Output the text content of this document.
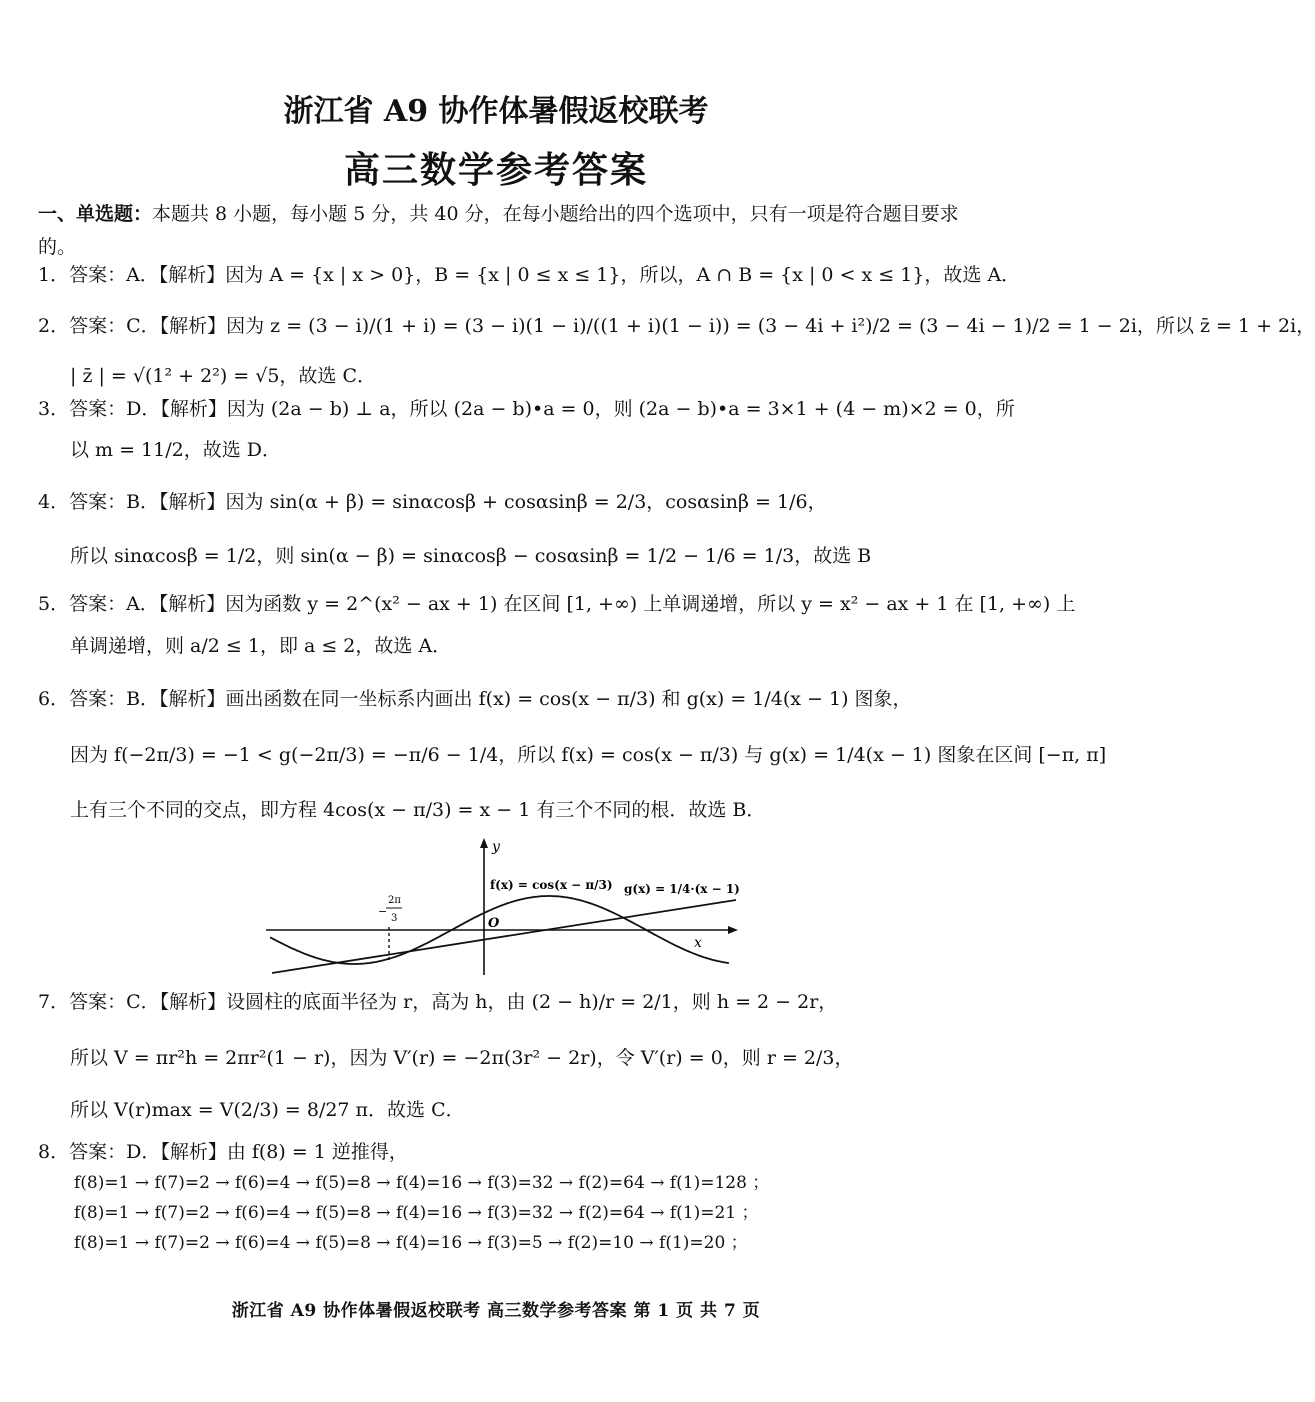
浙江省 A9 协作体暑假返校联考
高三数学参考答案
一、单选题：本题共 8 小题，每小题 5 分，共 40 分，在每小题给出的四个选项中，只有一项是符合题目要求的。
1．答案：A．【解析】因为 A = {x | x > 0}，B = {x | 0 ≤ x ≤ 1}，所以，A ∩ B = {x | 0 < x ≤ 1}，故选 A．
2．答案：C．【解析】因为 z = (3 − i)/(1 + i) = (3 − i)(1 − i)/((1 + i)(1 − i)) = (3 − 4i + i²)/2 = (3 − 4i − 1)/2 = 1 − 2i，所以 z̄ = 1 + 2i，
| z̄ | = √(1² + 2²) = √5，故选 C．
3．答案：D．【解析】因为 (2a − b) ⊥ a，所以 (2a − b)•a = 0，则 (2a − b)•a = 3×1 + (4 − m)×2 = 0，所
以 m = 11/2，故选 D．
4．答案：B．【解析】因为 sin(α + β) = sinαcosβ + cosαsinβ = 2/3，cosαsinβ = 1/6，
所以 sinαcosβ = 1/2，则 sin(α − β) = sinαcosβ − cosαsinβ = 1/2 − 1/6 = 1/3，故选 B
5．答案：A．【解析】因为函数 y = 2^(x² − ax + 1) 在区间 [1, +∞) 上单调递增，所以 y = x² − ax + 1 在 [1, +∞) 上
单调递增，则 a/2 ≤ 1，即 a ≤ 2，故选 A．
6．答案：B．【解析】画出函数在同一坐标系内画出 f(x) = cos(x − π/3) 和 g(x) = 1/4(x − 1) 图象，
因为 f(−2π/3) = −1 < g(−2π/3) = −π/6 − 1/4，所以 f(x) = cos(x − π/3) 与 g(x) = 1/4(x − 1) 图象在区间 [−π, π]
上有三个不同的交点，即方程 4cos(x − π/3) = x − 1 有三个不同的根．故选 B．
y
x
O
−
2π
3
f(x) = cos(x − π/3) g(x) = 1/4·(x − 1)
7．答案：C．【解析】设圆柱的底面半径为 r，高为 h，由 (2 − h)/r = 2/1，则 h = 2 − 2r，
所以 V = πr²h = 2πr²(1 − r)，因为 V′(r) = −2π(3r² − 2r)，令 V′(r) = 0，则 r = 2/3，
所以 V(r)max = V(2/3) = 8/27 π．故选 C．
8．答案：D．【解析】由 f(8) = 1 逆推得，
f(8)=1 → f(7)=2 → f(6)=4 → f(5)=8 → f(4)=16 → f(3)=32 → f(2)=64 → f(1)=128 ；
f(8)=1 → f(7)=2 → f(6)=4 → f(5)=8 → f(4)=16 → f(3)=32 → f(2)=64 → f(1)=21 ；
f(8)=1 → f(7)=2 → f(6)=4 → f(5)=8 → f(4)=16 → f(3)=5 → f(2)=10 → f(1)=20 ；
浙江省 A9 协作体暑假返校联考 高三数学参考答案 第 1 页 共 7 页
